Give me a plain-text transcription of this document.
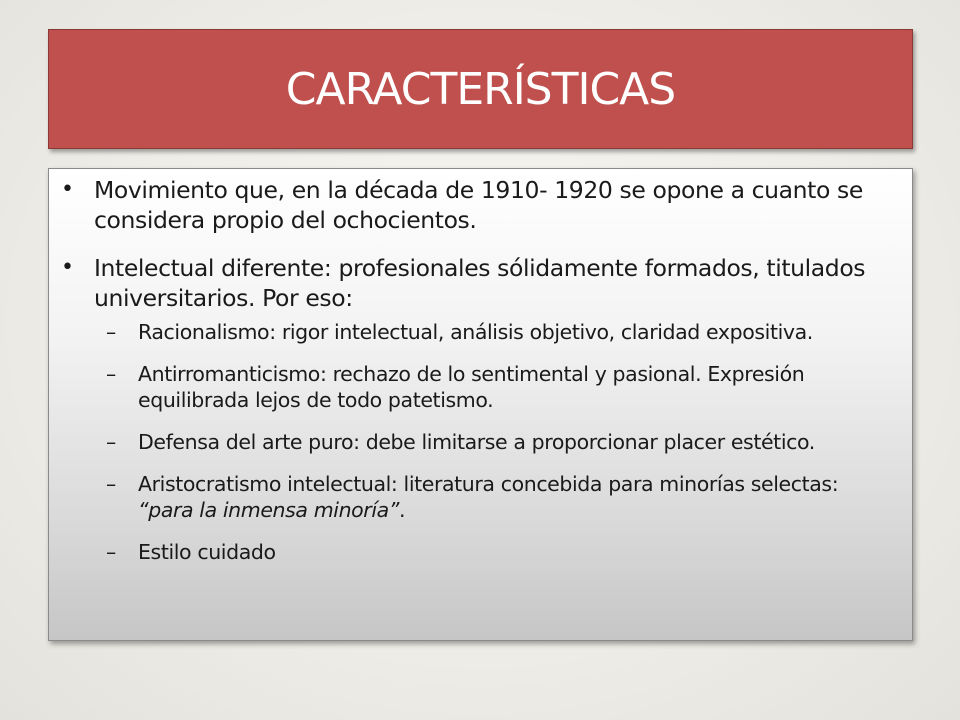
CARACTERÍSTICAS
• Movimiento que, en la década de 1910- 1920 se opone a cuanto se considera propio del ochocientos.
• Intelectual diferente: profesionales sólidamente formados, titulados universitarios. Por eso:
– Racionalismo: rigor intelectual, análisis objetivo, claridad expositiva.
– Antirromanticismo: rechazo de lo sentimental y pasional. Expresión equilibrada lejos de todo patetismo.
– Defensa del arte puro: debe limitarse a proporcionar placer estético.
– Aristocratismo intelectual: literatura concebida para minorías selectas: “para la inmensa minoría”.
– Estilo cuidado
